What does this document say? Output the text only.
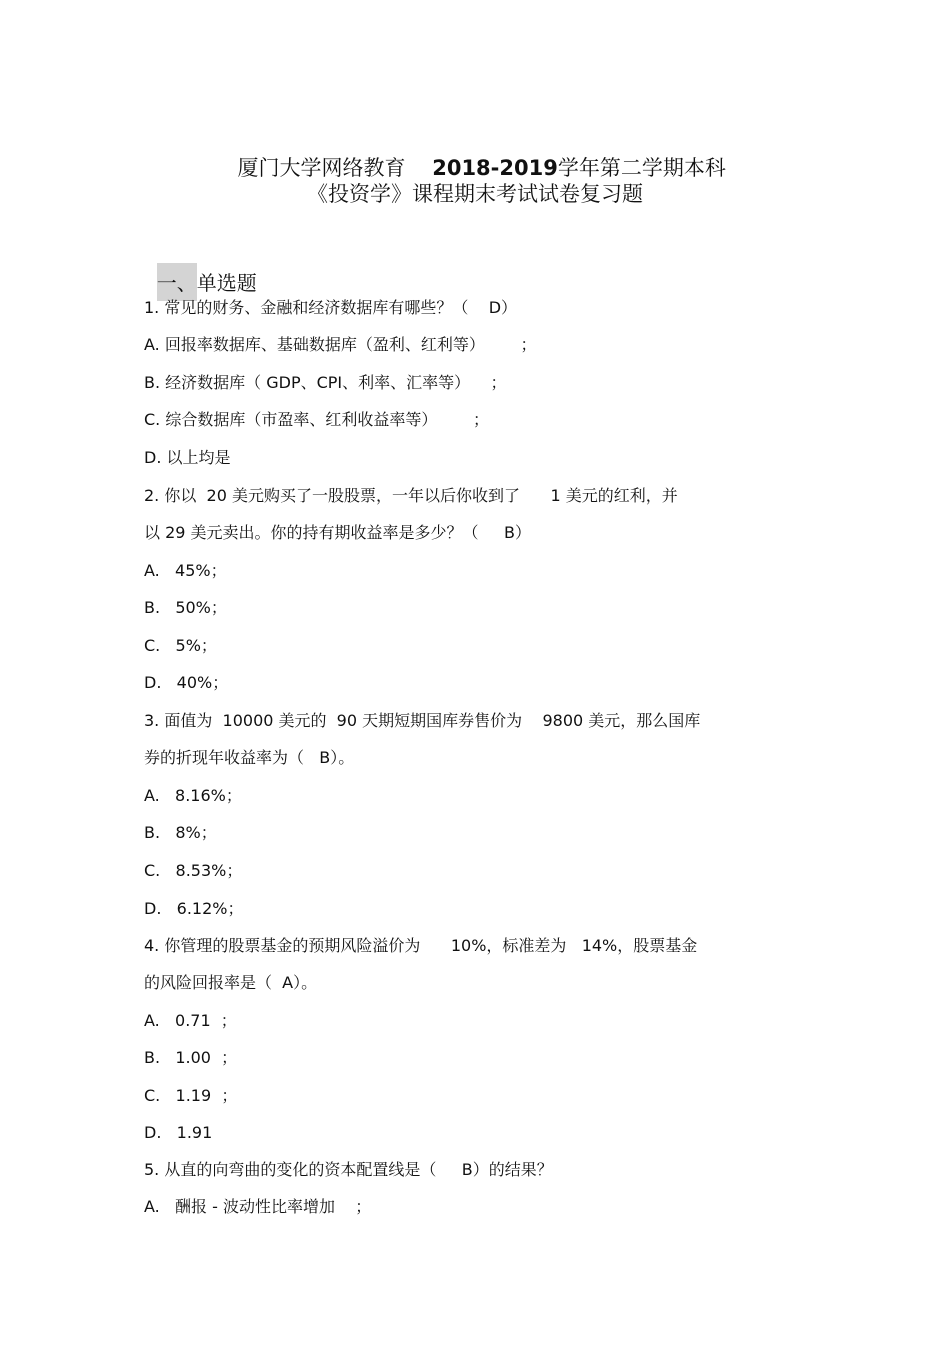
厦门大学网络教育 2018-2019学年第二学期本科

《投资学》课程期末考试试卷复习题

一、单选题

1. 常见的财务、金融和经济数据库有哪些？（    D）
A. 回报率数据库、基础数据库（盈利、红利等）       ；
B. 经济数据库（ GDP、CPI、利率、汇率等）    ；
C. 综合数据库（市盈率、红利收益率等）       ；
D. 以上均是
2. 你以  20 美元购买了一股股票，一年以后你收到了      1 美元的红利，并
以 29 美元卖出。你的持有期收益率是多少？（     B）
A.   45%；
B.   50%；
C.   5%；
D.   40%；
3. 面值为  10000 美元的  90 天期短期国库券售价为    9800 美元，那么国库
券的折现年收益率为（   B）。
A.   8.16%；
B.   8%；
C.   8.53%；
D.   6.12%；
4. 你管理的股票基金的预期风险溢价为      10%，标准差为   14%，股票基金
的风险回报率是（  A）。
A.   0.71  ；
B.   1.00  ；
C.   1.19  ；
D.   1.91
5. 从直的向弯曲的变化的资本配置线是（     B）的结果？
A.   酬报 - 波动性比率增加    ；
